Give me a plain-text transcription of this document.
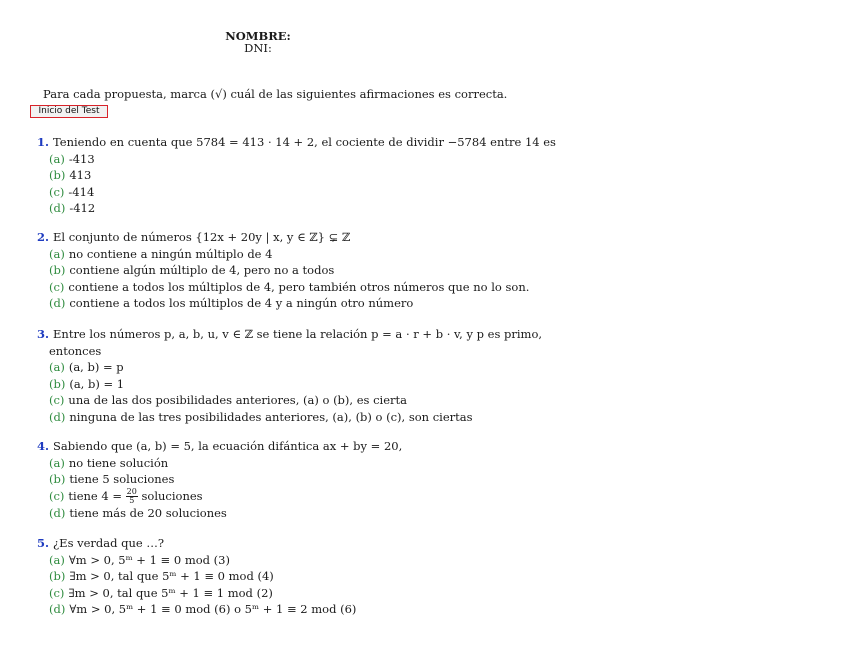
NOMBRE:
DNI:
Para cada propuesta, marca (√) cuál de las siguientes afirmaciones es correcta.
Inicio del Test
1. Teniendo en cuenta que 5784 = 413 · 14 + 2, el cociente de dividir −5784 entre 14 es
(a) -413
(b) 413
(c) -414
(d) -412
2. El conjunto de números {12x + 20y | x, y ∈ ℤ} ⊊ ℤ
(a) no contiene a ningún múltiplo de 4
(b) contiene algún múltiplo de 4, pero no a todos
(c) contiene a todos los múltiplos de 4, pero también otros números que no lo son.
(d) contiene a todos los múltiplos de 4 y a ningún otro número
3. Entre los números p, a, b, u, v ∈ ℤ se tiene la relación p = a · r + b · v, y p es primo,
entonces
(a) (a, b) = p
(b) (a, b) = 1
(c) una de las dos posibilidades anteriores, (a) o (b), es cierta
(d) ninguna de las tres posibilidades anteriores, (a), (b) o (c), son ciertas
4. Sabiendo que (a, b) = 5, la ecuación difántica ax + by = 20,
(a) no tiene solución
(b) tiene 5 soluciones
(c) tiene $4 = \frac{20}{5}$ soluciones
(d) tiene más de 20 soluciones
5. ¿Es verdad que …?
(a) ∀m > 0, 5ᵐ + 1 ≡ 0 mod (3)
(b) ∃m > 0, tal que 5ᵐ + 1 ≡ 0 mod (4)
(c) ∃m > 0, tal que 5ᵐ + 1 ≡ 1 mod (2)
(d) ∀m > 0, 5ᵐ + 1 ≡ 0 mod (6) o 5ᵐ + 1 ≡ 2 mod (6)
